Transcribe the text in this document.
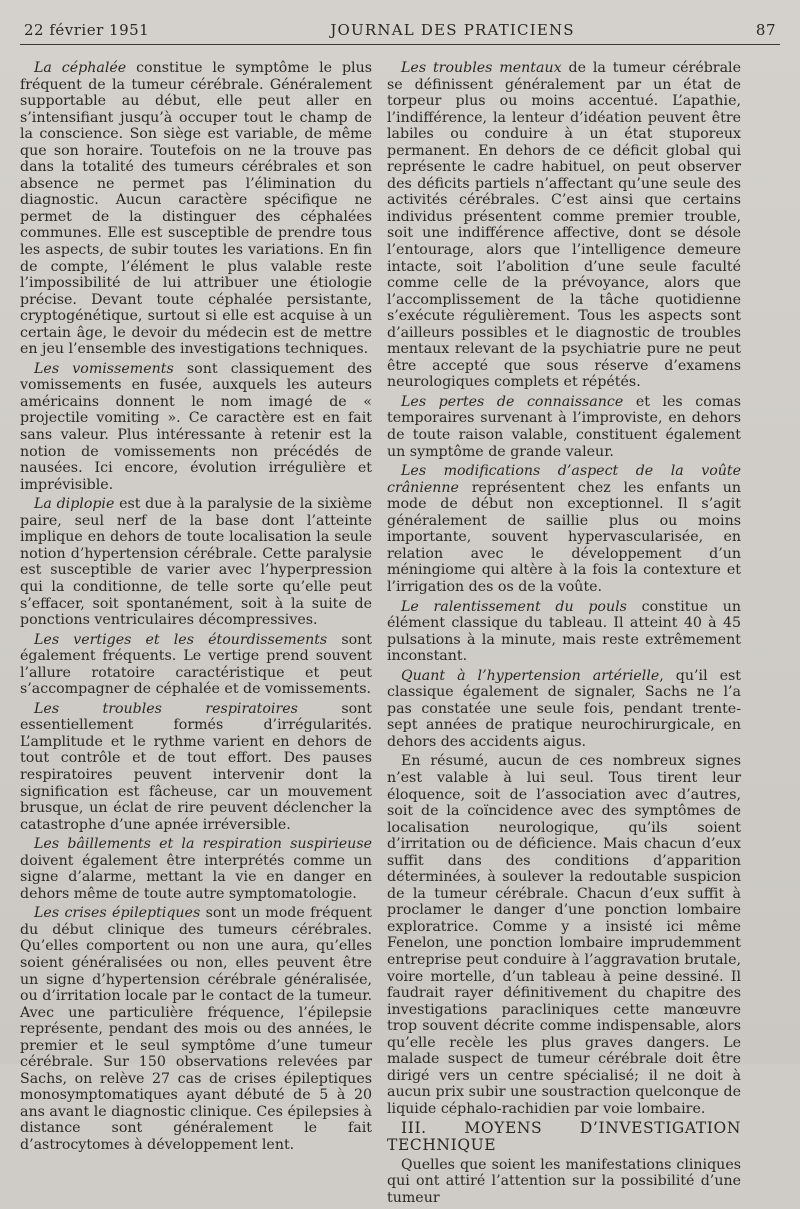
22 février 1951	JOURNAL DES PRATICIENS	87

La céphalée constitue le symptôme le plus fréquent de la tumeur cérébrale. Généralement supportable au début, elle peut aller en s’intensifiant jusqu’à occuper tout le champ de la conscience. Son siège est variable, de même que son horaire. Toutefois on ne la trouve pas dans la totalité des tumeurs cérébrales et son absence ne permet pas l’élimination du diagnostic. Aucun caractère spécifique ne permet de la distinguer des céphalées communes. Elle est susceptible de prendre tous les aspects, de subir toutes les variations. En fin de compte, l’élément le plus valable reste l’impossibilité de lui attribuer une étiologie précise. Devant toute céphalée persistante, cryptogénétique, surtout si elle est acquise à un certain âge, le devoir du médecin est de mettre en jeu l’ensemble des investigations techniques.

Les vomissements sont classiquement des vomissements en fusée, auxquels les auteurs américains donnent le nom imagé de « projectile vomiting ». Ce caractère est en fait sans valeur. Plus intéressante à retenir est la notion de vomissements non précédés de nausées. Ici encore, évolution irrégulière et imprévisible.

La diplopie est due à la paralysie de la sixième paire, seul nerf de la base dont l’atteinte implique en dehors de toute localisation la seule notion d’hypertension cérébrale. Cette paralysie est susceptible de varier avec l’hyperpression qui la conditionne, de telle sorte qu’elle peut s’effacer, soit spontanément, soit à la suite de ponctions ventriculaires décompressives.

Les vertiges et les étourdissements sont également fréquents. Le vertige prend souvent l’allure rotatoire caractéristique et peut s’accompagner de céphalée et de vomissements.

Les troubles respiratoires sont essentiellement formés d’irrégularités. L’amplitude et le rythme varient en dehors de tout contrôle et de tout effort. Des pauses respiratoires peuvent intervenir dont la signification est fâcheuse, car un mouvement brusque, un éclat de rire peuvent déclencher la catastrophe d’une apnée irréversible.

Les bâillements et la respiration suspirieuse doivent également être interprétés comme un signe d’alarme, mettant la vie en danger en dehors même de toute autre symptomatologie.

Les crises épileptiques sont un mode fréquent du début clinique des tumeurs cérébrales. Qu’elles comportent ou non une aura, qu’elles soient généralisées ou non, elles peuvent être un signe d’hypertension cérébrale généralisée, ou d’irritation locale par le contact de la tumeur. Avec une particulière fréquence, l’épilepsie représente, pendant des mois ou des années, le premier et le seul symptôme d’une tumeur cérébrale. Sur 150 observations relevées par Sachs, on relève 27 cas de crises épileptiques monosymptomatiques ayant débuté de 5 à 20 ans avant le diagnostic clinique. Ces épilepsies à distance sont généralement le fait d’astrocytomes à développement lent.

Les troubles mentaux de la tumeur cérébrale se définissent généralement par un état de torpeur plus ou moins accentué. L’apathie, l’indifférence, la lenteur d’idéation peuvent être labiles ou conduire à un état stuporeux permanent. En dehors de ce déficit global qui représente le cadre habituel, on peut observer des déficits partiels n’affectant qu’une seule des activités cérébrales. C’est ainsi que certains individus présentent comme premier trouble, soit une indifférence affective, dont se désole l’entourage, alors que l’intelligence demeure intacte, soit l’abolition d’une seule faculté comme celle de la prévoyance, alors que l’accomplissement de la tâche quotidienne s’exécute régulièrement. Tous les aspects sont d’ailleurs possibles et le diagnostic de troubles mentaux relevant de la psychiatrie pure ne peut être accepté que sous réserve d’examens neurologiques complets et répétés.

Les pertes de connaissance et les comas temporaires survenant à l’improviste, en dehors de toute raison valable, constituent également un symptôme de grande valeur.

Les modifications d’aspect de la voûte crânienne représentent chez les enfants un mode de début non exceptionnel. Il s’agit généralement de saillie plus ou moins importante, souvent hypervascularisée, en relation avec le développement d’un méningiome qui altère à la fois la contexture et l’irrigation des os de la voûte.

Le ralentissement du pouls constitue un élément classique du tableau. Il atteint 40 à 45 pulsations à la minute, mais reste extrêmement inconstant.

Quant à l’hypertension artérielle, qu’il est classique également de signaler, Sachs ne l’a pas constatée une seule fois, pendant trente-sept années de pratique neurochirurgicale, en dehors des accidents aigus.

En résumé, aucun de ces nombreux signes n’est valable à lui seul. Tous tirent leur éloquence, soit de l’association avec d’autres, soit de la coïncidence avec des symptômes de localisation neurologique, qu’ils soient d’irritation ou de déficience. Mais chacun d’eux suffit dans des conditions d’apparition déterminées, à soulever la redoutable suspicion de la tumeur cérébrale. Chacun d’eux suffit à proclamer le danger d’une ponction lombaire exploratrice. Comme y a insisté ici même Fenelon, une ponction lombaire imprudemment entreprise peut conduire à l’aggravation brutale, voire mortelle, d’un tableau à peine dessiné. Il faudrait rayer définitivement du chapitre des investigations paracliniques cette manœuvre trop souvent décrite comme indispensable, alors qu’elle recèle les plus graves dangers. Le malade suspect de tumeur cérébrale doit être dirigé vers un centre spécialisé; il ne doit à aucun prix subir une soustraction quelconque de liquide céphalo-rachidien par voie lombaire.

III. MOYENS D’INVESTIGATION TECHNIQUE

Quelles que soient les manifestations cliniques qui ont attiré l’attention sur la possibilité d’une tumeur
